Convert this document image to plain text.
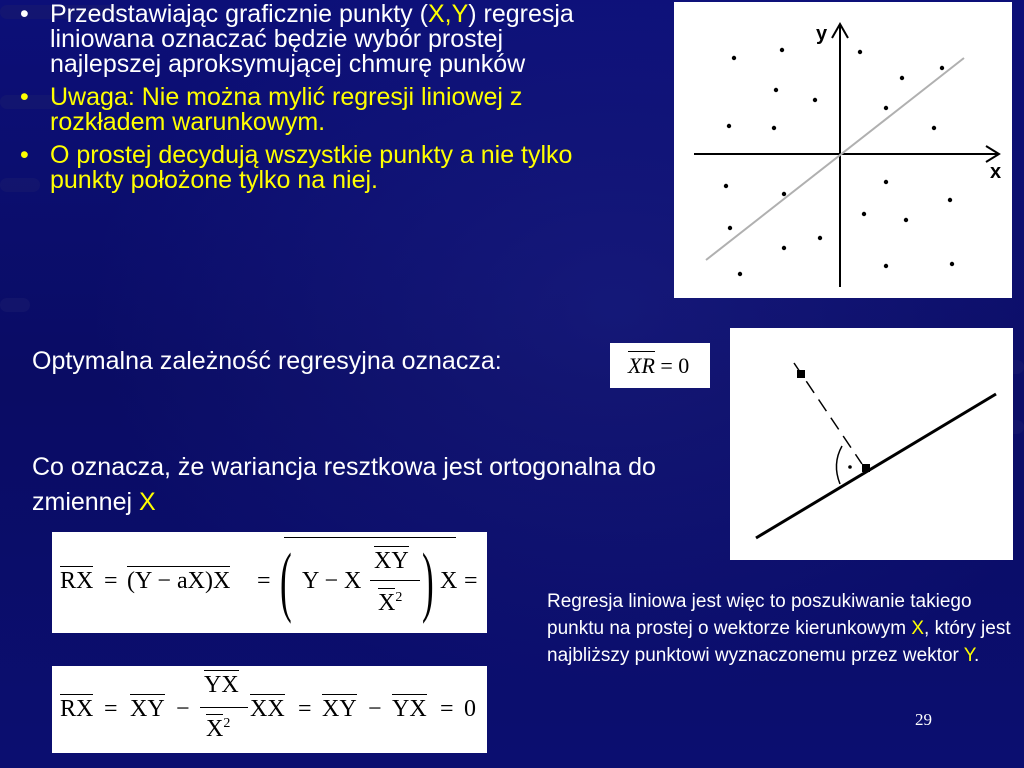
• Przedstawiając graficznie punkty (X,Y) regresja liniowana oznaczać będzie wybór prostej najlepszej aproksymującej chmurę punków
• Uwaga: Nie można mylić regresji liniowej z rozkładem warunkowym.
• O prostej decydują wszystkie punkty a nie tylko punkty położone tylko na niej.
y
x
Optymalna zależność regresyjna oznacza:
Co oznacza, że wariancja resztkowa jest ortogonalna do zmiennej X
XR = 0
RX = (Y − aX)X = ( Y − X
XY
$X^2$ ) X =
RX = XY −
YX
$X^2$
XX = XY − YX = 0
Regresja liniowa jest więc to poszukiwanie takiego punktu na prostej o wektorze kierunkowym X, który jest najbliższy punktowi wyznaczonemu przez wektor Y.
29
